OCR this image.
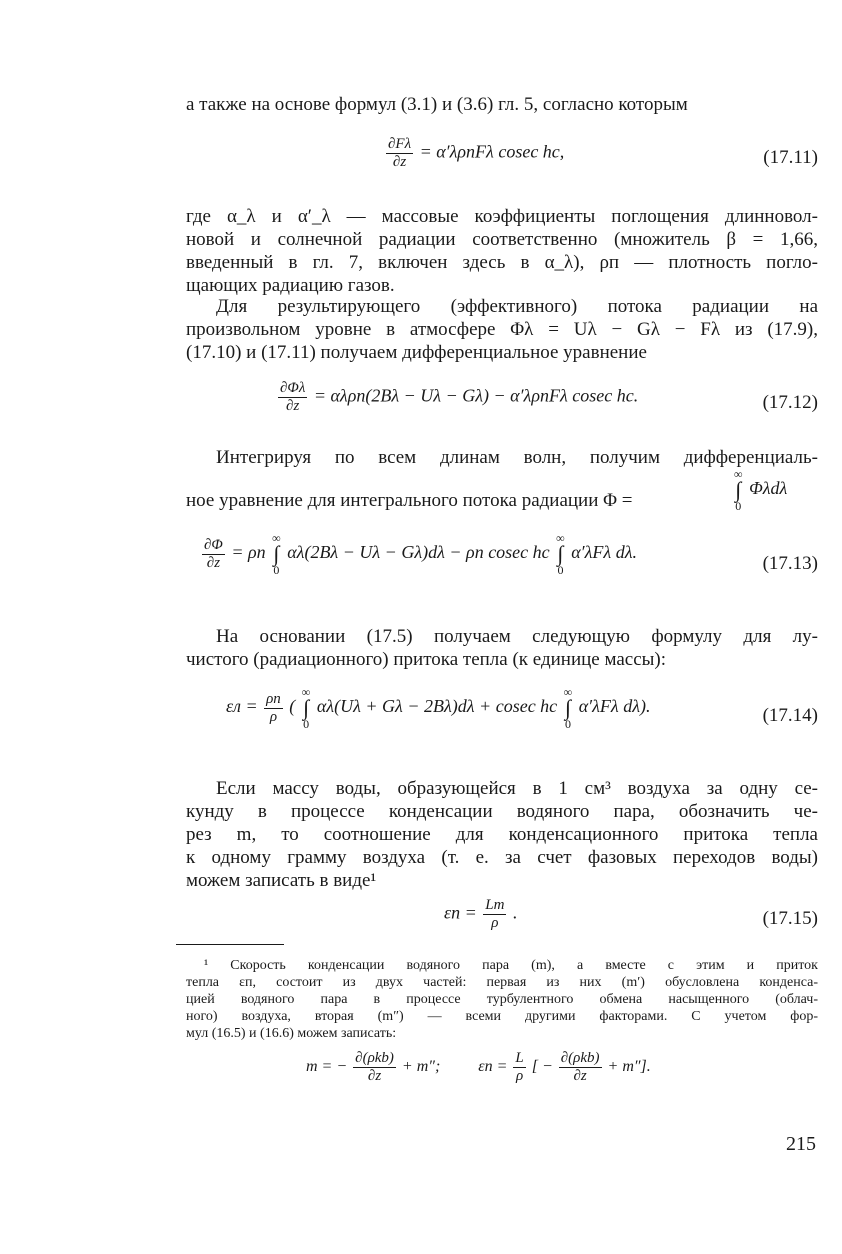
а также на основе формул (3.1) и (3.6) гл. 5, согласно которым
$\frac{\partial F\lambda}{\partial z} = \alpha'\lambda\rho пF\lambda$ cosec hc,	(17.11)
где α_λ и α′_λ — массовые коэффициенты поглощения длинновол-
новой и солнечной радиации соответственно (множитель β = 1,66,
введенный в гл. 7, включен здесь в α_λ), ρп — плотность погло-
щающих радиацию газов.
Для результирующего (эффективного) потока радиации на
произвольном уровне в атмосфере Φλ = Uλ − Gλ − Fλ из (17.9),
(17.10) и (17.11) получаем дифференциальное уравнение
$\frac{\partial\Phi\lambda}{\partial z} = \alpha\lambda\rho п(2B\lambda - U\lambda - G\lambda) - \alpha'\lambda\rho пF\lambda$ cosec hc.	(17.12)
Интегрируя по всем длинам волн, получим дифференциаль-
ное уравнение для интегрального потока радиации Φ =
∞
∫
0
Φλdλ
$\frac{\partial\Phi}{\partial z} = \rho п$
∞
∫
0
αλ(2Bλ − Uλ − Gλ)dλ − ρп cosec hc
∞
∫
0
α′λFλ dλ.
(17.13)
На основании (17.5) получаем следующую формулу для лу-
чистого (радиационного) притока тепла (к единице массы):
$\varepsilon л = \frac{\rho п}{\rho}$ (
∞
∫
0
αλ(Uλ + Gλ − 2Bλ)dλ + cosec hc
∞
∫
0
α′λFλ dλ).	(17.14)
Если массу воды, образующейся в 1 см³ воздуха за одну се-
кунду в процессе конденсации водяного пара, обозначить че-
рез m, то соотношение для конденсационного притока тепла
к одному грамму воздуха (т. е. за счет фазовых переходов воды)
можем записать в виде¹
$\varepsilon п = \frac{Lm}{\rho}$ .	(17.15)
¹ Скорость конденсации водяного пара (m), а вместе с этим и приток
тепла εп, состоит из двух частей: первая из них (m′) обусловлена конденса-
цией водяного пара в процессе турбулентного обмена насыщенного (облач-
ного) воздуха, вторая (m″) — всеми другими факторами. С учетом фор-
мул (16.5) и (16.6) можем записать:
m = − $\frac{\text{∂(ρkb)}}{\partial z} + m''$; $\varepsilon п = \frac{L}{\rho}$ [ − $\frac{\text{∂(ρkb)}}{\partial z} + m''$].
215
